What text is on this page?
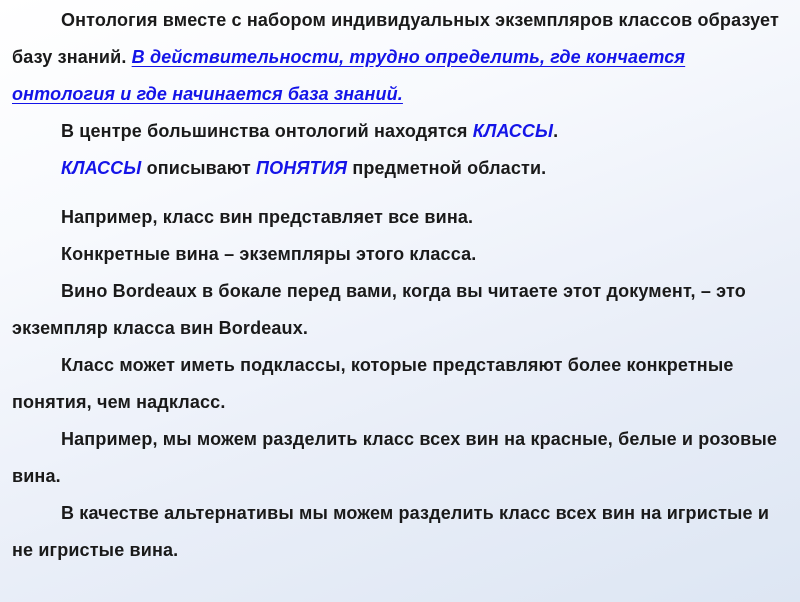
Онтология вместе с набором индивидуальных экземпляров классов образует базу знаний. В действительности, трудно определить, где кончается онтология и где начинается база знаний.

В центре большинства онтологий находятся КЛАССЫ.

КЛАССЫ описывают ПОНЯТИЯ предметной области.

Например, класс вин представляет все вина.

Конкретные вина – экземпляры этого класса.

Вино Bordeaux в бокале перед вами, когда вы читаете этот документ, – это экземпляр класса вин Bordeaux.

Класс может иметь подклассы, которые представляют более конкретные понятия, чем надкласс.

Например, мы можем разделить класс всех вин на красные, белые и розовые вина.

В качестве альтернативы мы можем разделить класс всех вин на игристые и не игристые вина.
